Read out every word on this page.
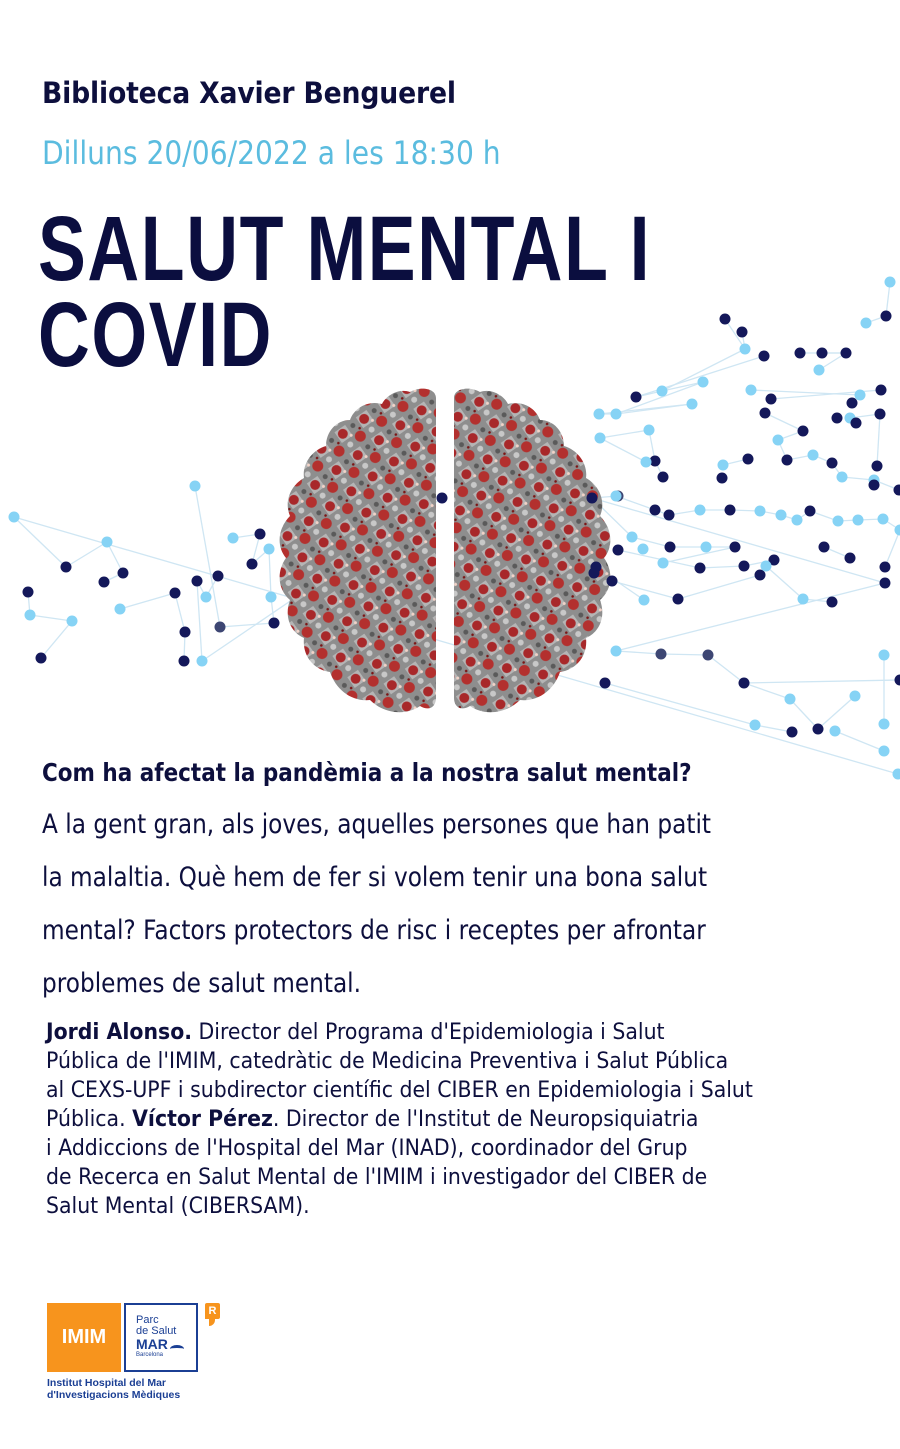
Biblioteca Xavier Benguerel
Dilluns 20/06/2022 a les 18:30 h
SALUT MENTAL I
COVID
Com ha afectat la pandèmia a la nostra salut mental?
A la gent gran, als joves, aquelles persones que han patit
la malaltia. Què hem de fer si volem tenir una bona salut
mental? Factors protectors de risc i receptes per afrontar
problemes de salut mental.
Jordi Alonso. Director del Programa d'Epidemiologia i Salut
Pública de l'IMIM, catedràtic de Medicina Preventiva i Salut Pública
al CEXS-UPF i subdirector científic del CIBER en Epidemiologia i Salut
Pública. Víctor Pérez. Director de l'Institut de Neuropsiquiatria
i Addiccions de l'Hospital del Mar (INAD), coordinador del Grup
de Recerca en Salut Mental de l'IMIM i investigador del CIBER de
Salut Mental (CIBERSAM).
IMIM
Parc
de Salut
MAR
Barcelona
R
Institut Hospital del Mar
d'Investigacions Mèdiques
